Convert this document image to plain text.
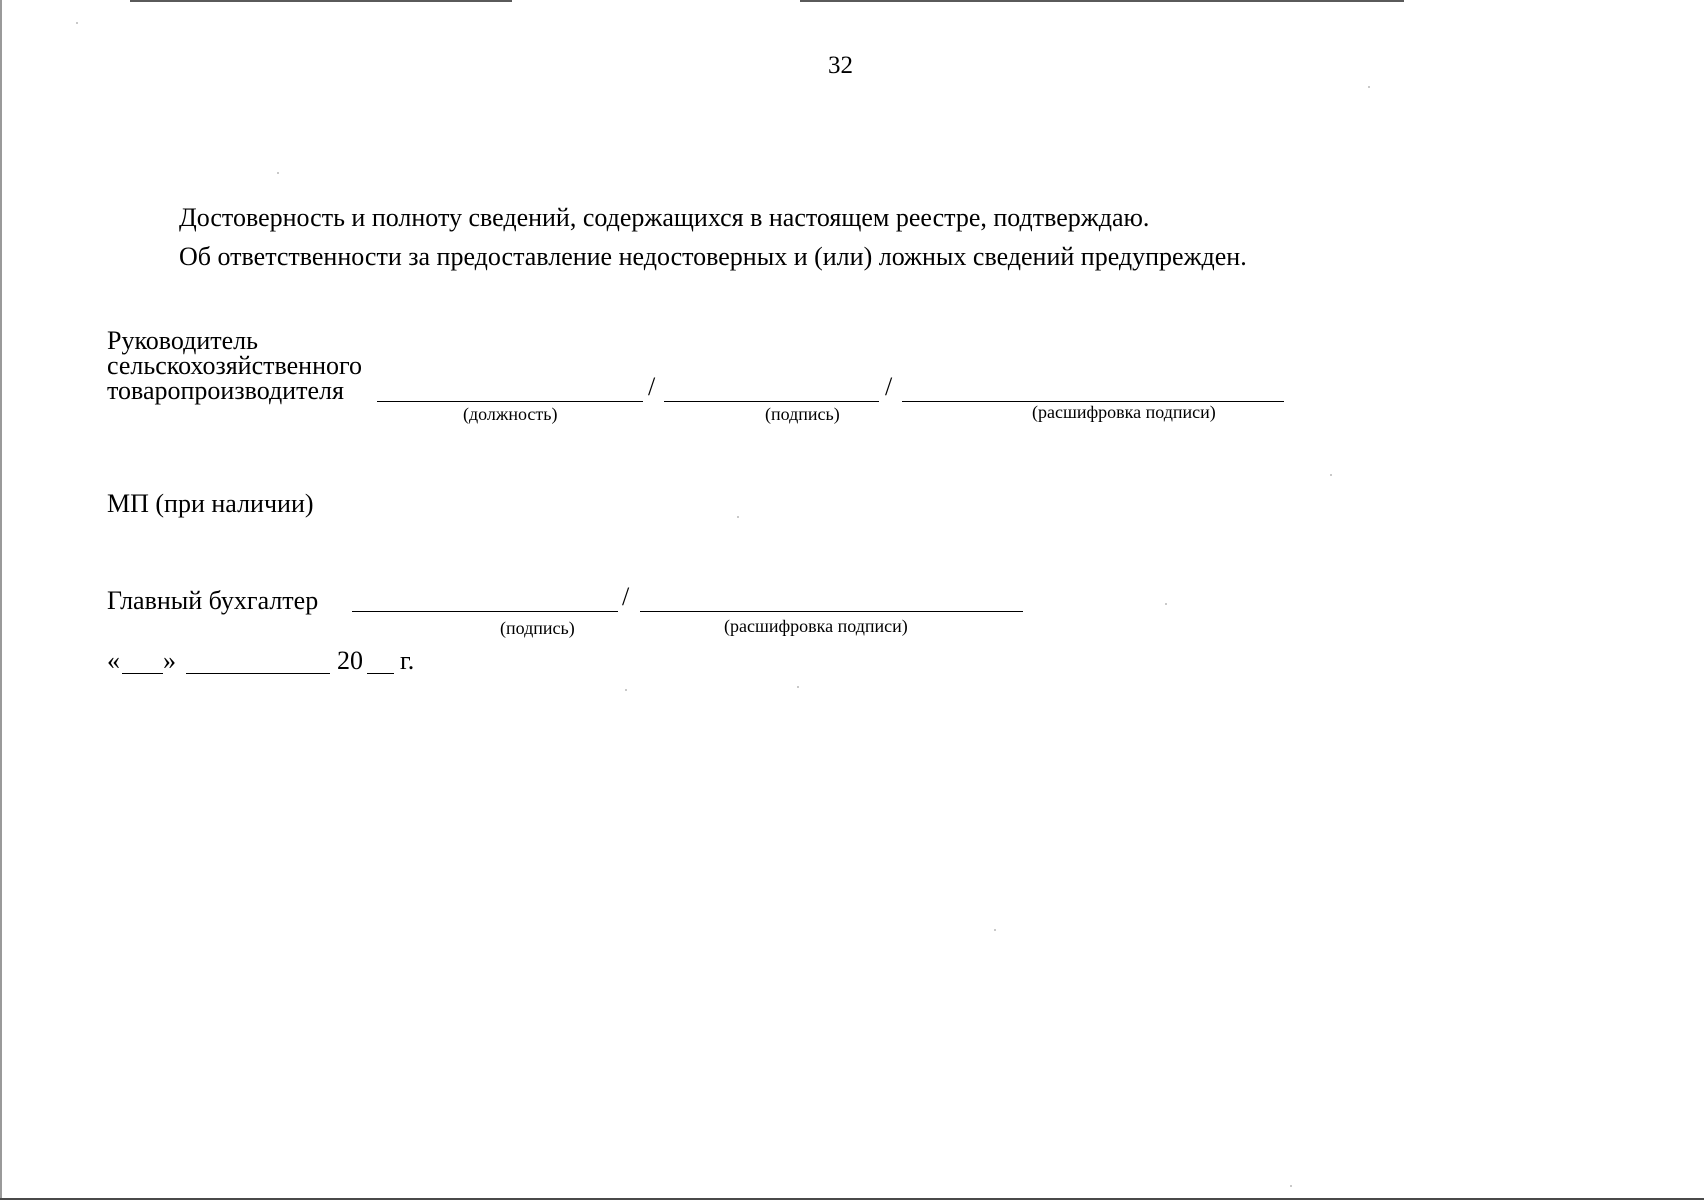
32
Достоверность и полноту сведений, содержащихся в настоящем реестре, подтверждаю.
Об ответственности за предоставление недостоверных и (или) ложных сведений предупрежден.
Руководитель
сельскохозяйственного
товаропроизводителя	/	/
(должность)	(подпись)	(расшифровка подписи)
МП (при наличии)
Главный бухгалтер	/
(подпись)	(расшифровка подписи)
« »	20 г.
